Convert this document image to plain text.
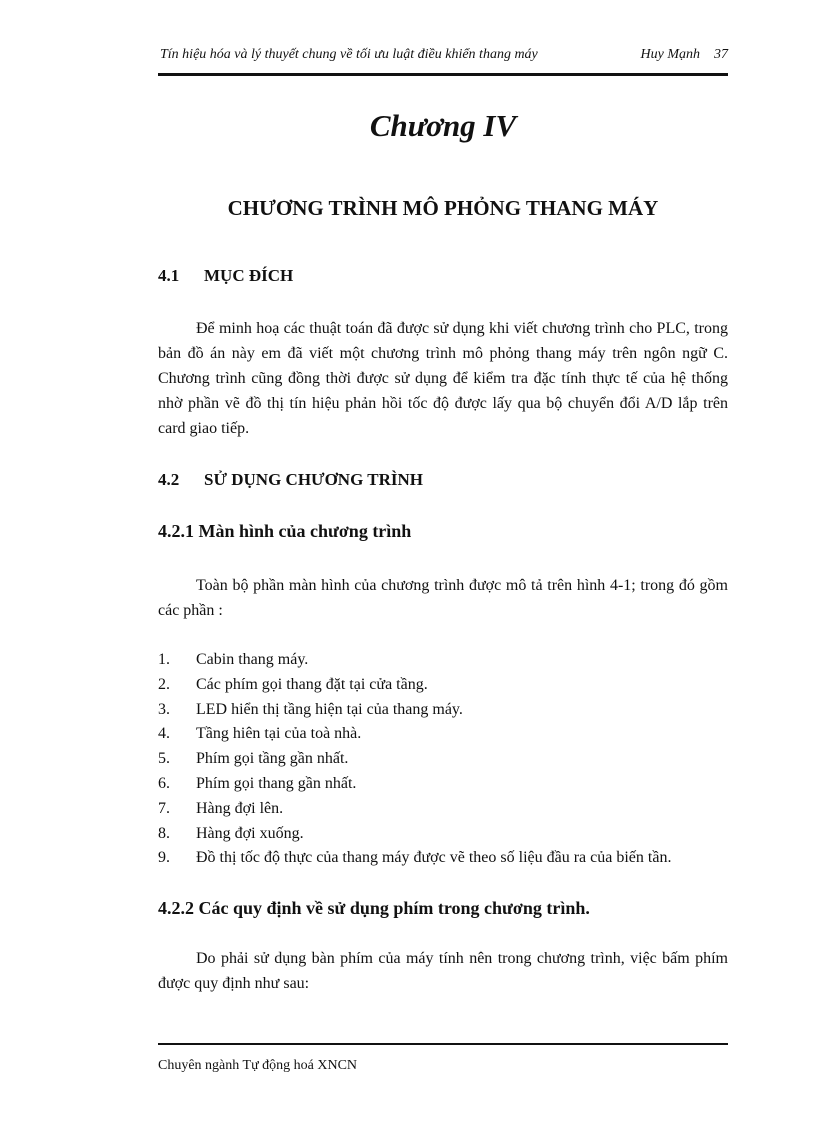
Tín hiệu hóa và lý thuyết chung về tối ưu luật điều khiển thang máy	Huy Mạnh 37
Chương IV
CHƯƠNG TRÌNH MÔ PHỎNG THANG MÁY
4.1 MỤC ĐÍCH

Để minh hoạ các thuật toán đã được sử dụng khi viết chương trình cho PLC, trong bản đồ án này em đã viết một chương trình mô phỏng thang máy trên ngôn ngữ C. Chương trình cũng đồng thời được sử dụng để kiểm tra đặc tính thực tế của hệ thống nhờ phần vẽ đồ thị tín hiệu phản hồi tốc độ được lấy qua bộ chuyển đổi A/D lắp trên card giao tiếp.

4.2 SỬ DỤNG CHƯƠNG TRÌNH
4.2.1 Màn hình của chương trình

Toàn bộ phần màn hình của chương trình được mô tả trên hình 4-1; trong đó gồm các phần :

1.	Cabin thang máy.
2.	Các phím gọi thang đặt tại cửa tầng.
3.	LED hiển thị tầng hiện tại của thang máy.
4.	Tầng hiên tại của toà nhà.
5.	Phím gọi tầng gần nhất.
6.	Phím gọi thang gần nhất.
7.	Hàng đợi lên.
8.	Hàng đợi xuống.
9.	Đồ thị tốc độ thực của thang máy được vẽ theo số liệu đầu ra của biến tần.
4.2.2 Các quy định về sử dụng phím trong chương trình.

Do phải sử dụng bàn phím của máy tính nên trong chương trình, việc bấm phím được quy định như sau:

Chuyên ngành Tự động hoá XNCN
